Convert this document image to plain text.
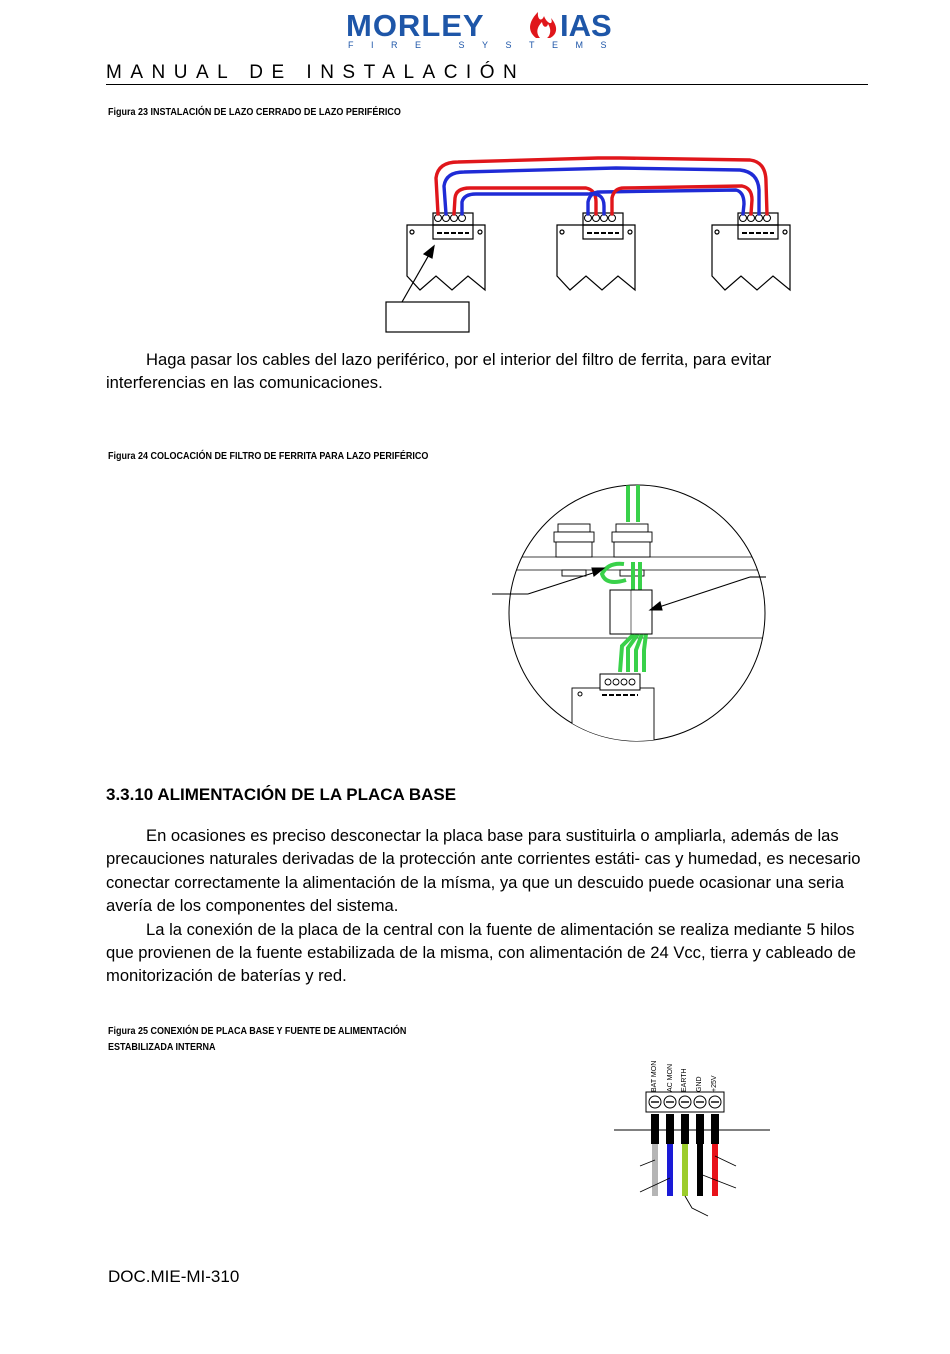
MORLEY IAS
FIRE SYSTEMS
MANUAL DE INSTALACIÓN
Figura 23 INSTALACIÓN DE LAZO CERRADO DE LAZO PERIFÉRICO
Haga pasar los cables del lazo periférico, por el interior del filtro de ferrita, para evitar interferencias en las comunicaciones.
Figura 24 COLOCACIÓN DE FILTRO DE FERRITA PARA LAZO PERIFÉRICO
3.3.10 ALIMENTACIÓN DE LA PLACA BASE
En ocasiones es preciso desconectar la placa base para sustituirla o ampliarla, además de las precauciones naturales derivadas de la protección ante corrientes estáti- cas y humedad, es necesario conectar correctamente la alimentación de la mísma, ya que un descuido puede ocasionar una seria avería de los componentes del sistema.
La la conexión de la placa de la central con la fuente de alimentación se realiza mediante 5 hilos que provienen de la fuente estabilizada de la misma, con alimentación de 24 Vcc, tierra y cableado de monitorización de baterías y red.
Figura 25 CONEXIÓN DE PLACA BASE Y FUENTE DE ALIMENTACIÓN
ESTABILIZADA INTERNA
BAT MON AC MON EARTH GND +25V
DOC.MIE-MI-310
